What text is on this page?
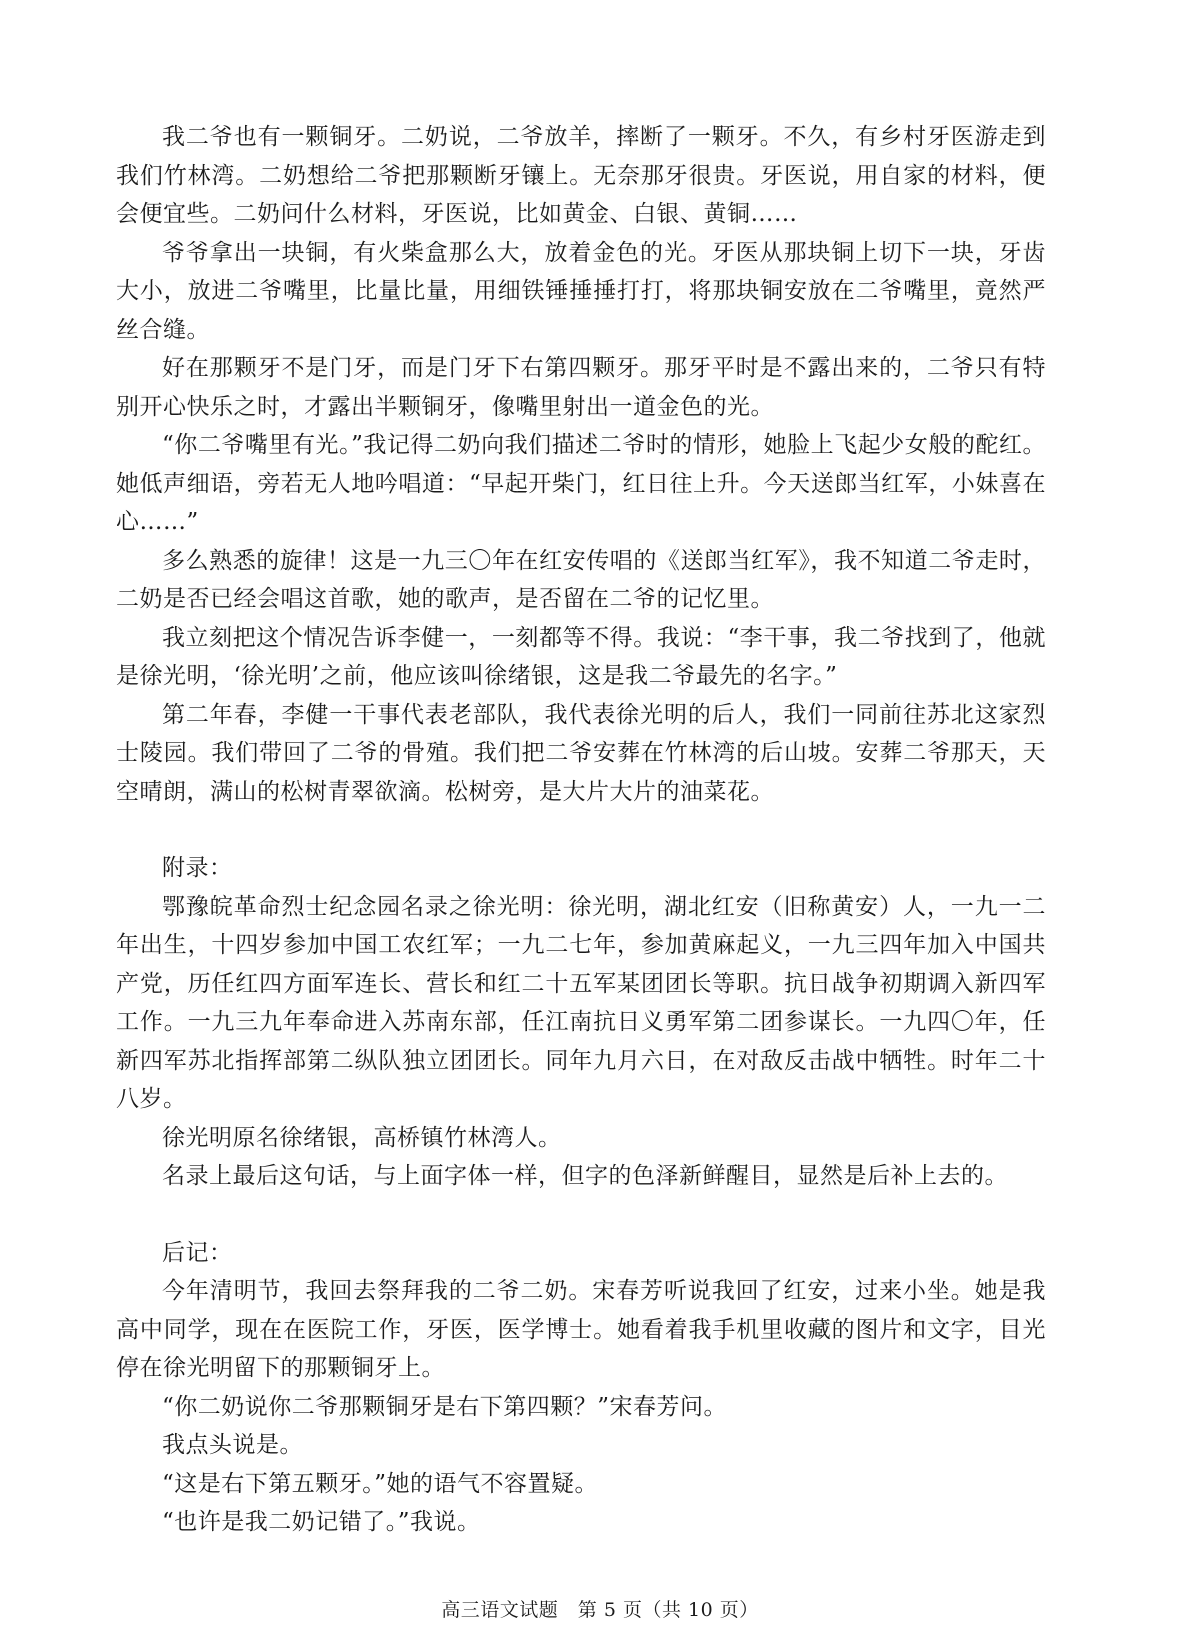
我二爷也有一颗铜牙。二奶说，二爷放羊，摔断了一颗牙。不久，有乡村牙医游走到我们竹林湾。二奶想给二爷把那颗断牙镶上。无奈那牙很贵。牙医说，用自家的材料，便会便宜些。二奶问什么材料，牙医说，比如黄金、白银、黄铜……

爷爷拿出一块铜，有火柴盒那么大，放着金色的光。牙医从那块铜上切下一块，牙齿大小，放进二爷嘴里，比量比量，用细铁锤捶捶打打，将那块铜安放在二爷嘴里，竟然严丝合缝。

好在那颗牙不是门牙，而是门牙下右第四颗牙。那牙平时是不露出来的，二爷只有特别开心快乐之时，才露出半颗铜牙，像嘴里射出一道金色的光。

“你二爷嘴里有光。”我记得二奶向我们描述二爷时的情形，她脸上飞起少女般的酡红。她低声细语，旁若无人地吟唱道：“早起开柴门，红日往上升。今天送郎当红军，小妹喜在心……”

多么熟悉的旋律！这是一九三〇年在红安传唱的《送郎当红军》，我不知道二爷走时，二奶是否已经会唱这首歌，她的歌声，是否留在二爷的记忆里。

我立刻把这个情况告诉李健一，一刻都等不得。我说：“李干事，我二爷找到了，他就是徐光明，‘徐光明’之前，他应该叫徐绪银，这是我二爷最先的名字。”

第二年春，李健一干事代表老部队，我代表徐光明的后人，我们一同前往苏北这家烈士陵园。我们带回了二爷的骨殖。我们把二爷安葬在竹林湾的后山坡。安葬二爷那天，天空晴朗，满山的松树青翠欲滴。松树旁，是大片大片的油菜花。

附录：

鄂豫皖革命烈士纪念园名录之徐光明：徐光明，湖北红安（旧称黄安）人，一九一二年出生，十四岁参加中国工农红军；一九二七年，参加黄麻起义，一九三四年加入中国共产党，历任红四方面军连长、营长和红二十五军某团团长等职。抗日战争初期调入新四军工作。一九三九年奉命进入苏南东部，任江南抗日义勇军第二团参谋长。一九四〇年，任新四军苏北指挥部第二纵队独立团团长。同年九月六日，在对敌反击战中牺牲。时年二十八岁。

徐光明原名徐绪银，高桥镇竹林湾人。

名录上最后这句话，与上面字体一样，但字的色泽新鲜醒目，显然是后补上去的。

后记：

今年清明节，我回去祭拜我的二爷二奶。宋春芳听说我回了红安，过来小坐。她是我高中同学，现在在医院工作，牙医，医学博士。她看着我手机里收藏的图片和文字，目光停在徐光明留下的那颗铜牙上。

“你二奶说你二爷那颗铜牙是右下第四颗？”宋春芳问。

我点头说是。

“这是右下第五颗牙。”她的语气不容置疑。

“也许是我二奶记错了。”我说。

高三语文试题　第 5 页（共 10 页）
